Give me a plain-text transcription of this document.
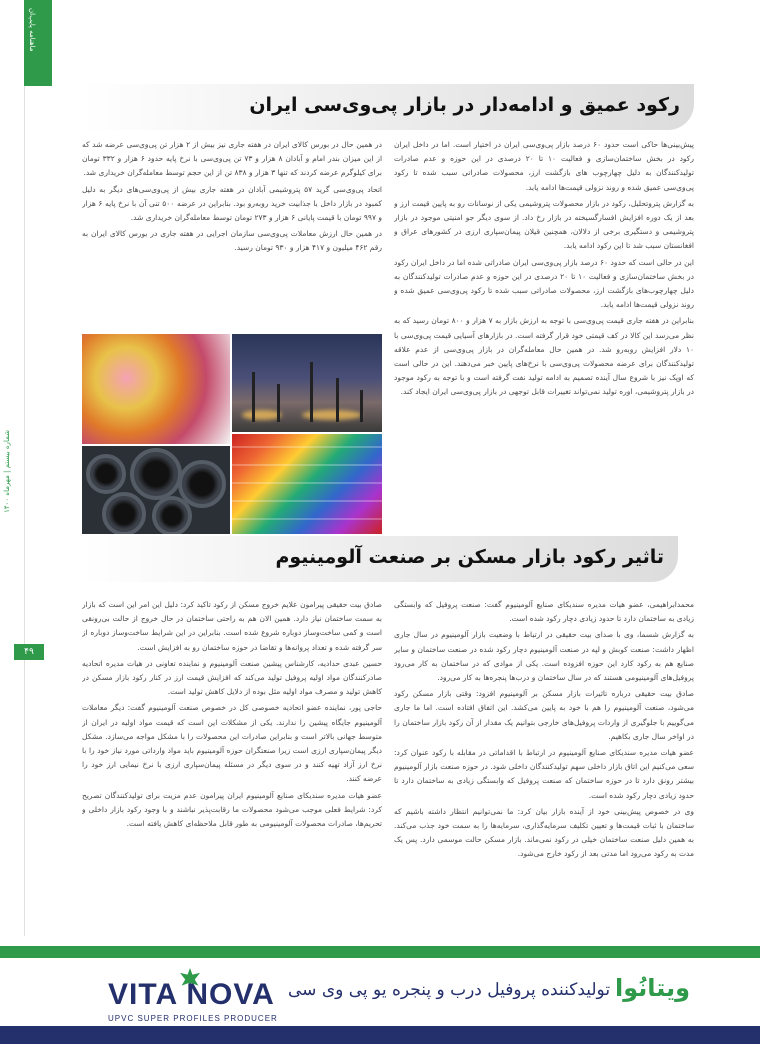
ماهنامه پایپ‌ان
شماره بیستم | مهرماه ۱۴۰۰
۴۹
رکود عمیق و ادامه‌دار در بازار پی‌وی‌سی ایران

پیش‌بینی‌ها حاکی است حدود ۶۰ درصد بازار پی‌وی‌سی ایران در اختیار است. اما در داخل ایران رکود در بخش ساختمان‌سازی و فعالیت ۱۰ تا ۲۰ درصدی در این حوزه و عدم صادرات تولیدکنندگان به دلیل چهارچوب های بازگشت ارز، محصولات صادراتی سبب شده تا رکود پی‌وی‌سی عمیق شده و روند نزولی قیمت‌ها ادامه یابد.

به گزارش پتروتحلیل، رکود در بازار محصولات پتروشیمی یکی از نوسانات رو به پایین قیمت ارز و بعد از یک دوره افزایش افسارگسیخته در بازار رخ داد. از سوی دیگر جو امنیتی موجود در بازار پتروشیمی و دستگیری برخی از دلالان، همچنین قیلان پیمان‌سپاری ارزی در کشورهای عراق و افغانستان سبب شد تا این رکود ادامه یابد.

این در حالی است که حدود ۶۰ درصد بازار پی‌وی‌سی ایران صادراتی شده اما در داخل ایران رکود در بخش ساختمان‌سازی و فعالیت ۱۰ تا ۲۰ درصدی در این حوزه و عدم صادرات تولیدکنندگان به دلیل چهارچوب‌های بازگشت ارز، محصولات صادراتی سبب شده تا رکود پی‌وی‌سی عمیق شده و روند نزولی قیمت‌ها ادامه یابد.

بنابراین در هفته جاری قیمت پی‌وی‌سی با توجه به ارزش بازار به ۷ هزار و ۸۰۰ تومان رسید که به نظر می‌رسد این کالا در کف قیمتی خود قرار گرفته است. در بازارهای آسیایی قیمت پی‌وی‌سی با ۱۰ دلار افزایش روبه‌رو شد. در همین حال معامله‌گران در بازار پی‌وی‌سی از عدم علاقه تولیدکنندگان برای عرضه محصولات پی‌وی‌سی با نرخ‌های پایین خبر می‌دهند. این در حالی است که اوپک نیز با شروع سال آینده تصمیم به ادامه تولید نفت گرفته است و با توجه به رکود موجود در بازار پتروشیمی، اوره تولید نمی‌تواند تغییرات قابل توجهی در بازار پی‌وی‌سی ایران ایجاد کند.

در همین حال در بورس کالای ایران در هفته جاری نیز بیش از ۲ هزار تن پی‌وی‌سی عرضه شد که از این میزان بندر امام و آبادان ۸ هزار و ۷۳ تن پی‌وی‌سی با نرخ پایه حدود ۶ هزار و ۳۳۲ تومان برای کیلوگرم عرضه کردند که تنها ۳ هزار و ۸۳۸ تن از این حجم توسط معامله‌گران خریداری شد.

اتحاد پی‌وی‌سی گرید ۵۷ پتروشیمی آبادان در هفته جاری بیش از پی‌وی‌سی‌های دیگر به دلیل کمبود در بازار داخل با جذابیت خرید روبه‌رو بود. بنابراین در عرضه ۵۰۰ تنی آن با نرخ پایه ۶ هزار و ۹۹۷ تومان با قیمت پایانی ۶ هزار و ۲۷۳ تومان توسط معامله‌گران خریداری شد.

در همین حال ارزش معاملات پی‌وی‌سی سازمان اجرایی در هفته جاری در بورس کالای ایران به رقم ۴۶۲ میلیون و ۴۱۷ هزار و ۹۳۰ تومان رسید.

تاثیر رکود بازار مسکن بر صنعت آلومینیوم

محمدابراهیمی، عضو هیات مدیره سندیکای صنایع آلومینیوم گفت: صنعت پروفیل که وابستگی زیادی به ساختمان دارد تا حدود زیادی دچار رکود شده است.

به گزارش شسما، وی با صدای بیت حقیقی در ارتباط با وضعیت بازار آلومینیوم در سال جاری اظهار داشت: صنعت کوبش و لپه در صنعت آلومینیوم دچار رکود شده در صنعت ساختمان و سایر صنایع هم به رکود کارد این حوزه افزوده است. یکی از موادی که در ساختمان به کار می‌رود پروفیل‌های آلومینیومی هستند که در سال ساختمان و درب‌ها پنجره‌ها به کار می‌رود.

صادق بیت حقیقی درباره تاثیرات بازار مسکن بر آلومینیوم افزود: وقتی بازار مسکن رکود می‌شود، صنعت آلومینیوم را هم با خود به پایین می‌کشد. این اتفاق افتاده است. اما ما جاری می‌گوییم با جلوگیری از واردات پروفیل‌های خارجی بتوانیم یک مقدار از آن رکود بازار ساختمان را در اواخر سال جاری بکاهیم.

عضو هیات مدیره سندیکای صنایع آلومینیوم در ارتباط با اقداماتی در مقابله با رکود عنوان کرد: سعی می‌کنیم این اتاق بازار داخلی سهم تولیدکنندگان داخلی شود. در حوزه صنعت بازار آلومینیوم بیشتر رونق دارد تا در حوزه ساختمان که صنعت پروفیل که وابستگی زیادی به ساختمان دارد تا حدود زیادی دچار رکود شده است.

وی در خصوص پیش‌بینی خود از آینده بازار بیان کرد: ما نمی‌توانیم انتظار داشته باشیم که ساختمان با ثبات قیمت‌ها و تعیین تکلیف سرمایه‌گذاری، سرمایه‌ها را به سمت خود جذب می‌کند. به همین دلیل صنعت ساختمان خیلی در رکود نمی‌ماند. بازار مسکن حالت موسمی دارد. پس یک مدت به رکود می‌رود اما مدتی بعد از رکود خارج می‌شود.

صادق بیت حقیقی پیرامون علایم خروج مسکن از رکود تاکید کرد: دلیل این امر این است که بازار به سمت ساختمان نیاز دارد. همین الان هم به راحتی ساختمان در حال خروج از حالت بی‌رونقی است و کمی ساخت‌وساز دوباره شروع شده است. بنابراین در این شرایط ساخت‌وساز دوباره از سر گرفته شده و تعداد پروانه‌ها و تقاضا در حوزه ساختمان رو به افزایش است.

حسین عبدی حدادیه، کارشناس پیشین صنعت آلومینیوم و نماینده تعاونی در هیات مدیره اتحادیه صادرکنندگان مواد اولیه پروفیل تولید می‌کند که افزایش قیمت ارز در کنار رکود بازار مسکن در کاهش تولید و مصرف مواد اولیه مثل بوده از دلایل کاهش تولید است.

حاجی پور، نماینده عضو اتحادیه خصوصی کل در خصوص صنعت آلومینیوم گفت: دیگر معاملات آلومینیوم جایگاه پیشین را ندارند. یکی از مشکلات این است که قیمت مواد اولیه در ایران از متوسط جهانی بالاتر است و بنابراین صادرات این محصولات را با مشکل مواجه می‌سازد. مشکل دیگر پیمان‌سپاری ارزی است زیرا صنعتگران حوزه آلومینیوم باید مواد وارداتی مورد نیاز خود را با نرخ ارز آزاد تهیه کنند و در سوی دیگر در مسئله پیمان‌سپاری ارزی با نرخ نیمایی ارز خود را عرضه کنند.

عضو هیات مدیره سندیکای صنایع آلومینیوم ایران پیرامون عدم مزیت برای تولیدکنندگان تصریح کرد: شرایط فعلی موجب می‌شود محصولات ما رقابت‌پذیر نباشند و با وجود رکود بازار داخلی و تحریم‌ها، صادرات محصولات آلومینیومی به طور قابل ملاحظه‌ای کاهش یافته است.

VITA NOVA
UPVC SUPER PROFILES PRODUCER
تولیدکننده پروفیل درب و پنجره یو پی وی سی ویتانُوا
